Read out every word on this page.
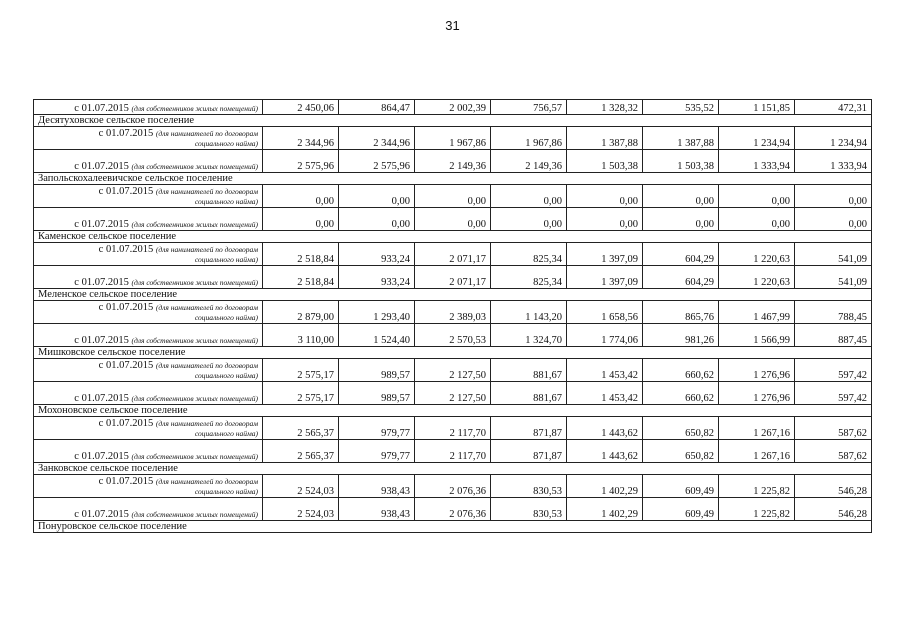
31
с 01.07.2015 (для собственников жилых помещений)	2 450,06	864,47	2 002,39	756,57	1 328,32	535,52	1 151,85	472,31
Десятуховское сельское поселение								
с 01.07.2015 (для нанимателей по договорам
социального найма)	2 344,96	2 344,96	1 967,86	1 967,86	1 387,88	1 387,88	1 234,94	1 234,94
с 01.07.2015 (для собственников жилых помещений)	2 575,96	2 575,96	2 149,36	2 149,36	1 503,38	1 503,38	1 333,94	1 333,94
Запольскохалеевичское сельское поселение								
с 01.07.2015 (для нанимателей по договорам
социального найма)	0,00	0,00	0,00	0,00	0,00	0,00	0,00	0,00
с 01.07.2015 (для собственников жилых помещений)	0,00	0,00	0,00	0,00	0,00	0,00	0,00	0,00
Каменское сельское поселение								
с 01.07.2015 (для нанимателей по договорам
социального найма)	2 518,84	933,24	2 071,17	825,34	1 397,09	604,29	1 220,63	541,09
с 01.07.2015 (для собственников жилых помещений)	2 518,84	933,24	2 071,17	825,34	1 397,09	604,29	1 220,63	541,09
Меленское сельское поселение								
с 01.07.2015 (для нанимателей по договорам
социального найма)	2 879,00	1 293,40	2 389,03	1 143,20	1 658,56	865,76	1 467,99	788,45
с 01.07.2015 (для собственников жилых помещений)	3 110,00	1 524,40	2 570,53	1 324,70	1 774,06	981,26	1 566,99	887,45
Мишковское сельское поселение								
с 01.07.2015 (для нанимателей по договорам
социального найма)	2 575,17	989,57	2 127,50	881,67	1 453,42	660,62	1 276,96	597,42
с 01.07.2015 (для собственников жилых помещений)	2 575,17	989,57	2 127,50	881,67	1 453,42	660,62	1 276,96	597,42
Мохоновское сельское поселение								
с 01.07.2015 (для нанимателей по договорам
социального найма)	2 565,37	979,77	2 117,70	871,87	1 443,62	650,82	1 267,16	587,62
с 01.07.2015 (для собственников жилых помещений)	2 565,37	979,77	2 117,70	871,87	1 443,62	650,82	1 267,16	587,62
Занковское сельское поселение								
с 01.07.2015 (для нанимателей по договорам
социального найма)	2 524,03	938,43	2 076,36	830,53	1 402,29	609,49	1 225,82	546,28
с 01.07.2015 (для собственников жилых помещений)	2 524,03	938,43	2 076,36	830,53	1 402,29	609,49	1 225,82	546,28
Понуровское сельское поселение								
